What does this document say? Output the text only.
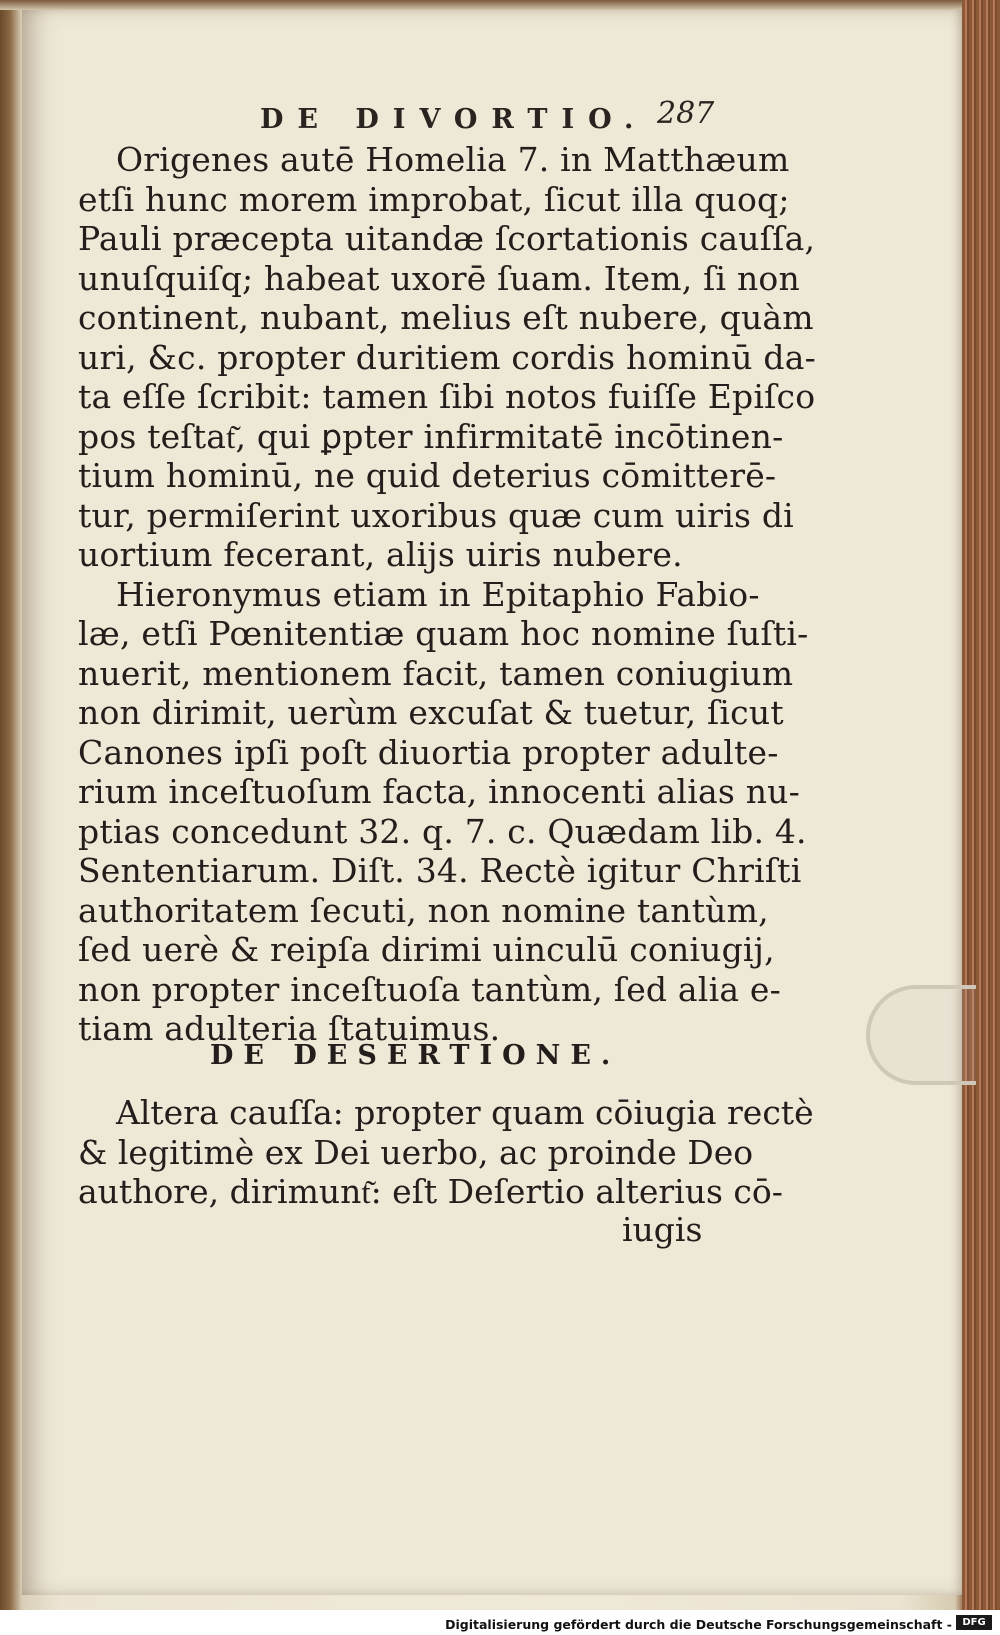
DE DIVORTIO. 287
Origenes autē Homelia 7. in Matthæum
etſi hunc morem improbat, ſicut illa quoq;
Pauli præcepta uitandæ ſcortationis cauſſa,
unuſquiſq; habeat uxorē ſuam. Item, ſi non
continent, nubant, melius eſt nubere, quàm
uri, &c. propter duritiem cordis hominū da-
ta eſſe ſcribit: tamen ſibi notos fuiſſe Epiſco
pos teſtat͂, qui ꝑpter infirmitatē incōtinen-
tium hominū, ne quid deterius cōmitterē-
tur, permiſerint uxoribus quæ cum uiris di
uortium fecerant, alijs uiris nubere.
Hieronymus etiam in Epitaphio Fabio-
læ, etſi Pœnitentiæ quam hoc nomine ſuſti-
nuerit, mentionem facit, tamen coniugium
non dirimit, uerùm excuſat & tuetur, ſicut
Canones ipſi poſt diuortia propter adulte-
rium inceſtuoſum facta, innocenti alias nu-
ptias concedunt 32. q. 7. c. Quædam lib. 4.
Sententiarum. Diſt. 34. Rectè igitur Chriſti
authoritatem ſecuti, non nomine tantùm,
ſed uerè & reipſa dirimi uinculū coniugij,
non propter inceſtuoſa tantùm, ſed alia e-
tiam adulteria ſtatuimus.
DE DESERTIONE.
Altera cauſſa: propter quam cōiugia rectè
& legitimè ex Dei uerbo, ac proinde Deo
authore, dirimunt͂: eſt Deſertio alterius cō-
iugis
Digitalisierung gefördert durch die Deutsche Forschungsgemeinschaft -	DFG
